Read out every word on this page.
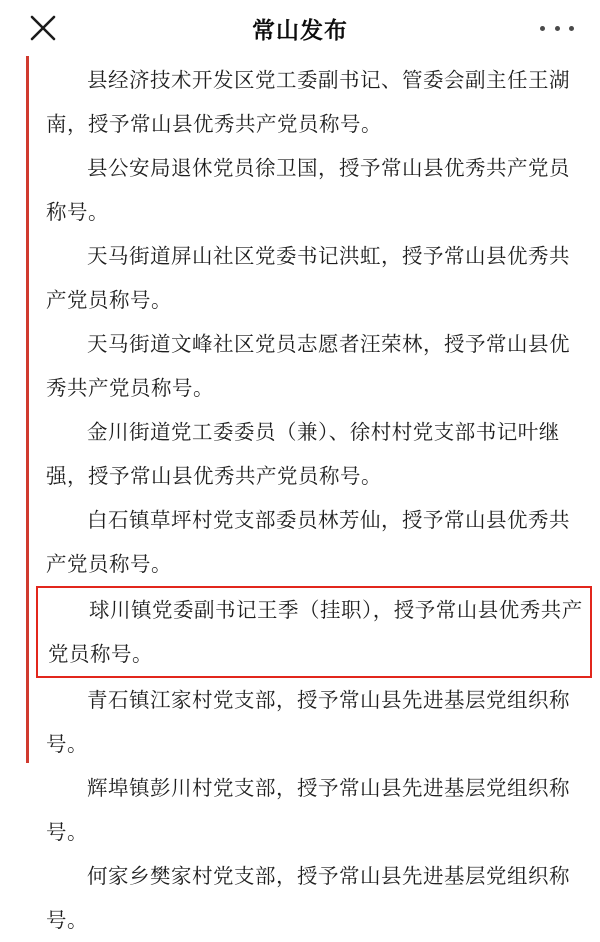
常山发布

县经济技术开发区党工委副书记、管委会副主任王湖南，授予常山县优秀共产党员称号。

县公安局退休党员徐卫国，授予常山县优秀共产党员称号。

天马街道屏山社区党委书记洪虹，授予常山县优秀共产党员称号。

天马街道文峰社区党员志愿者汪荣林，授予常山县优秀共产党员称号。

金川街道党工委委员（兼）、徐村村党支部书记叶继强，授予常山县优秀共产党员称号。

白石镇草坪村党支部委员林芳仙，授予常山县优秀共产党员称号。

球川镇党委副书记王季（挂职），授予常山县优秀共产党员称号。

青石镇江家村党支部，授予常山县先进基层党组织称号。

辉埠镇彭川村党支部，授予常山县先进基层党组织称号。

何家乡樊家村党支部，授予常山县先进基层党组织称号。
